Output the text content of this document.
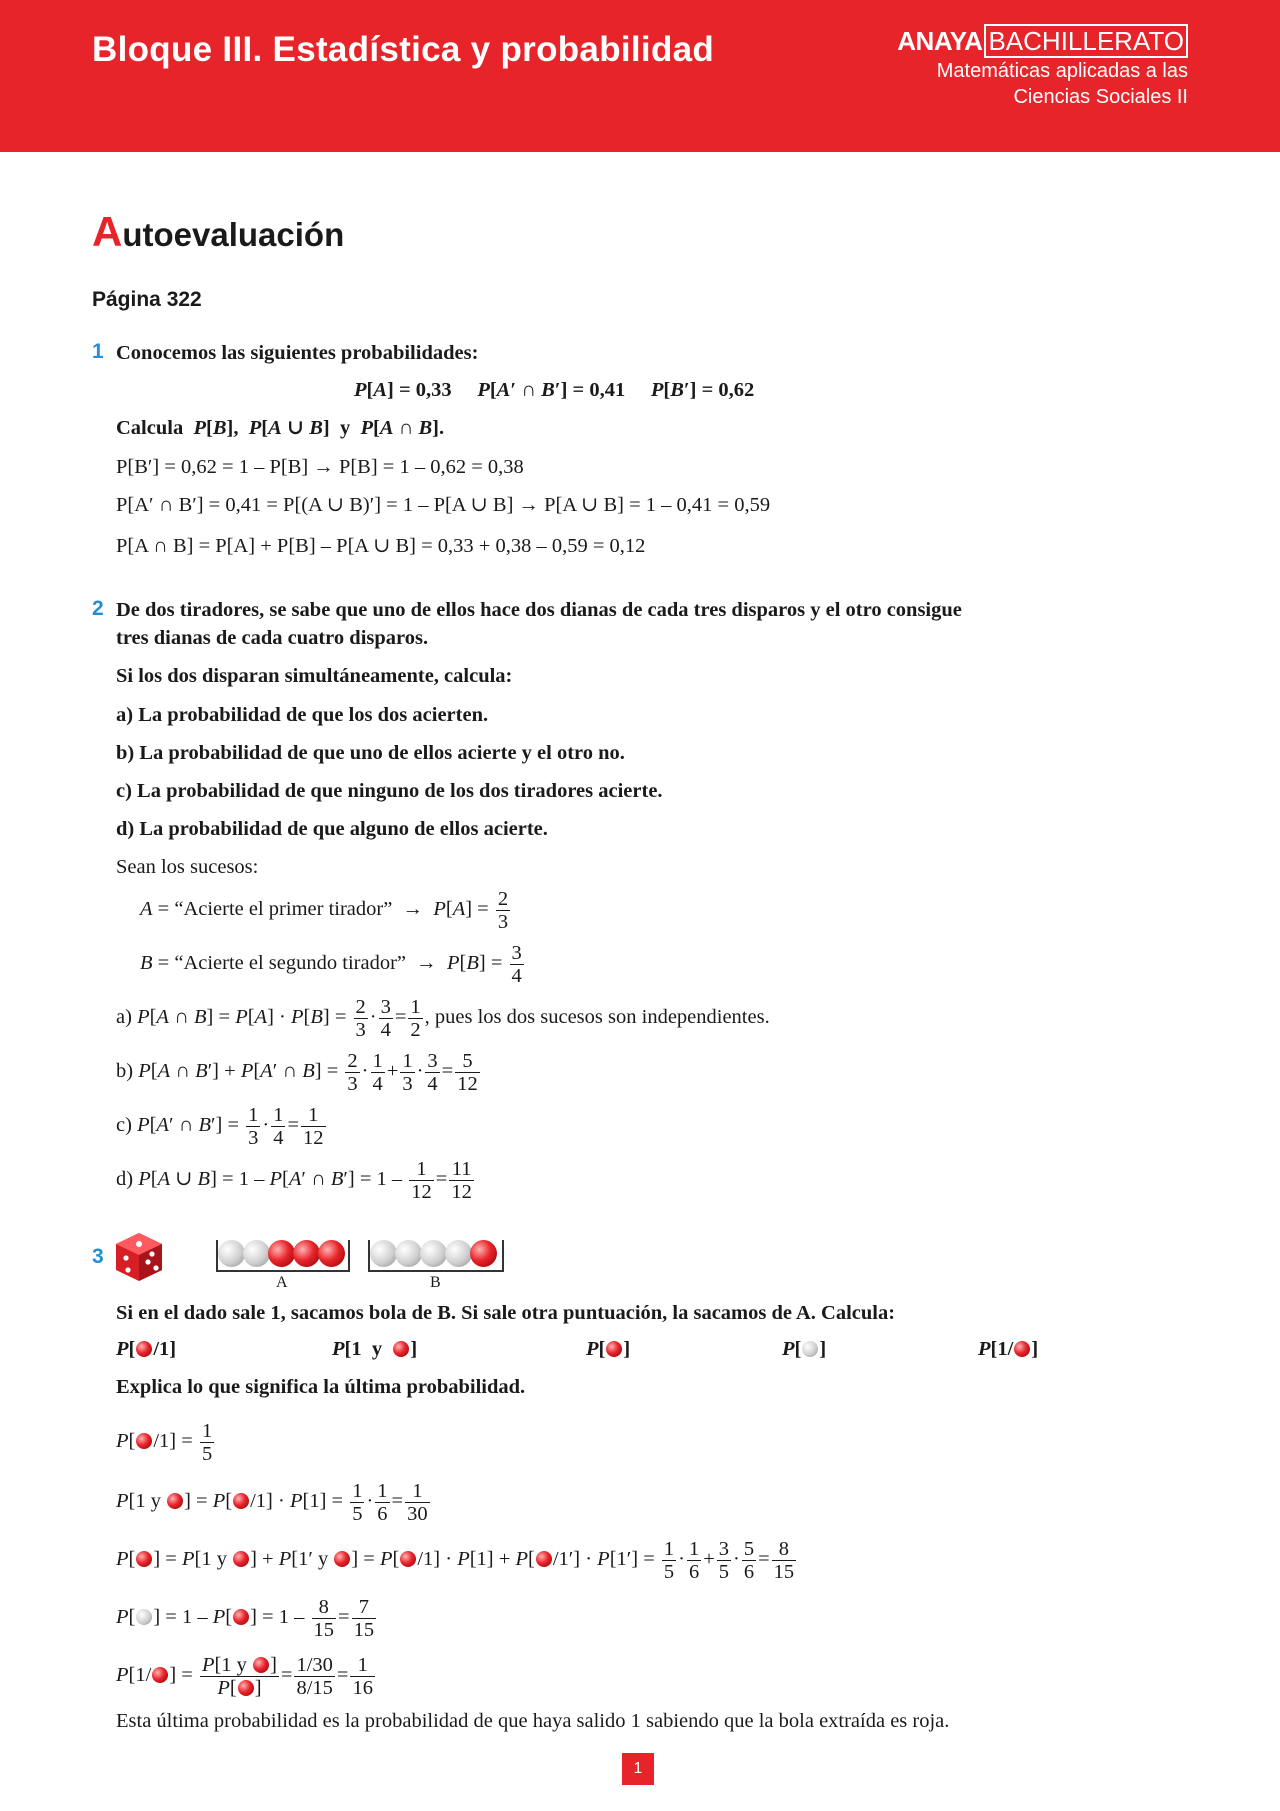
Bloque III. Estadística y probabilidad	ANAYA BACHILLERATO
Matemáticas aplicadas a las
Ciencias Sociales II
Autoevaluación
Página 322
1 Conocemos las siguientes probabilidades:
P[A] = 0,33     P[A′ ∩ B′] = 0,41     P[B′] = 0,62
Calcula P[B],  P[A ∪ B]  y P[A ∩ B].
P[B′] = 0,62 = 1 – P[B] → P[B] = 1 – 0,62 = 0,38
P[A′ ∩ B′] = 0,41 = P[(A ∪ B)′] = 1 – P[A ∪ B] → P[A ∪ B] = 1 – 0,41 = 0,59
P[A ∩ B] = P[A] + P[B] – P[A ∪ B] = 0,33 + 0,38 – 0,59 = 0,12
2 De dos tiradores, se sabe que uno de ellos hace dos dianas de cada tres disparos y el otro consigue
tres dianas de cada cuatro disparos.
Si los dos disparan simultáneamente, calcula:
a) La probabilidad de que los dos acierten.
b) La probabilidad de que uno de ellos acierte y el otro no.
c) La probabilidad de que ninguno de los dos tiradores acierte.
d) La probabilidad de que alguno de ellos acierte.
Sean los sucesos:
A = “Acierte el primer tirador”  →  $P[A] = \frac{2}{3}$
B = “Acierte el segundo tirador”  →  $P[B] = \frac{3}{4}$
a) P[A ∩ $B] = P[A] \cdot P[B] = \frac{2}{3} \cdot \frac{3}{4} = \frac{1}{2}$ , pues los dos sucesos son independientes.
b) P[A ∩ B′] + P[A′ ∩ $B] = \frac{2}{3} \cdot \frac{1}{4} + \frac{1}{3} \cdot \frac{3}{4} = \frac{5}{12}$
c) P[A′ ∩ $B'] = \frac{1}{3} \cdot \frac{1}{4} = \frac{1}{12}$
d) P[A ∪ B] = 1 – P[A′ ∩ $B'] = 1 - \frac{1}{12} = \frac{11}{12}$
3
A	B
Si en el dado sale 1, sacamos bola de B. Si sale otra puntuación, la sacamos de A. Calcula:
P[ /1]	P[1  y  ]	P[ ]	P[ ]	P[1/ ]
Explica lo que significa la última probabilidad.
P[ $/1] = \frac{1}{5}$
P[1 y ] = P[ $/1] \cdot P[1] = \frac{1}{5} \cdot \frac{1}{6} = \frac{1}{30}$
P[ ] = P[1 y ] + P[1′ y ] = P[ /1] · P[1] + P[ $/1'] \cdot P[1'] = \frac{1}{5} \cdot \frac{1}{6} + \frac{3}{5} \cdot \frac{5}{6} = \frac{8}{15}$
P[ ] = 1 – P[ ] = $1 - \frac{8}{15} = \frac{7}{15}$
P[1/ ] = $\frac{P[1 y ]}{P[ ]} = \frac{1/30}{8/15} = \frac{1}{16}$
Esta última probabilidad es la probabilidad de que haya salido 1 sabiendo que la bola extraída es roja.
1
